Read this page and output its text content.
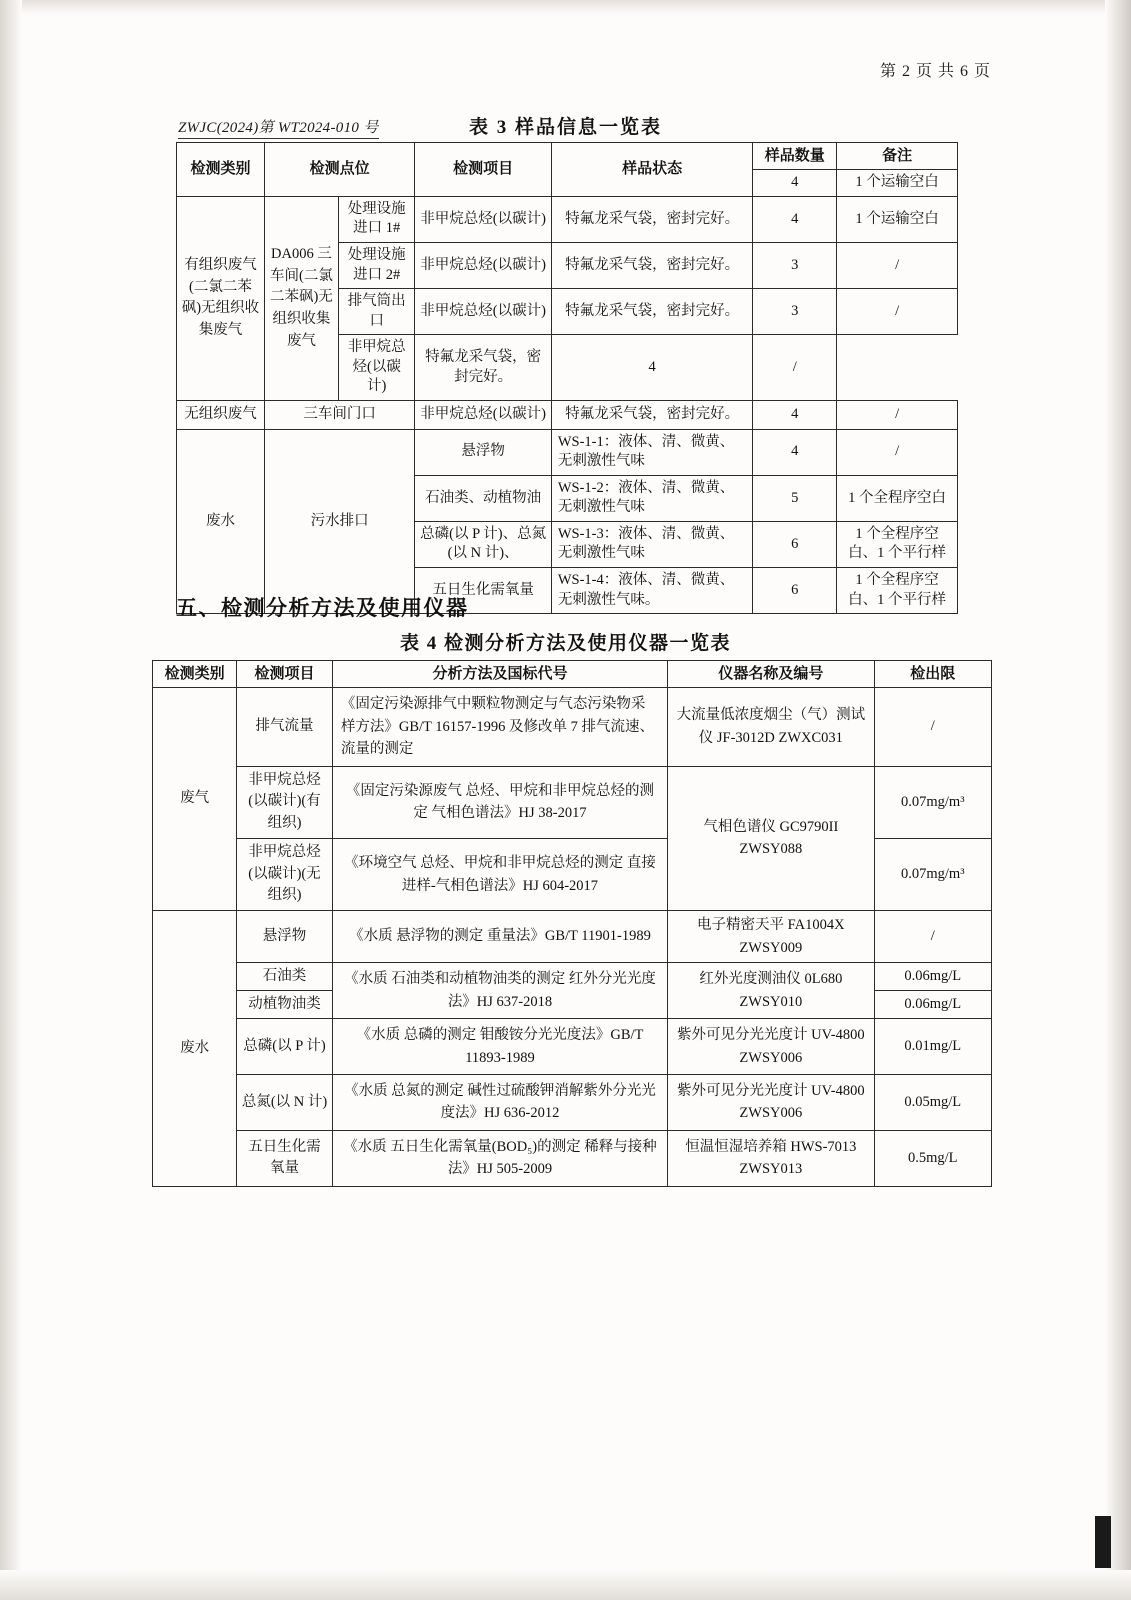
第 2 页 共 6 页
ZWJC(2024)第 WT2024-010 号	表 3 样品信息一览表
检测类别	检测点位		检测项目	样品状态	样品数量	备注
					4	1 个运输空白
有组织废气(二氯二苯砜)无组织收集废气	DA006 三车间(二氯二苯砜)无组织收集废气	处理设施进口 1#	非甲烷总烃(以碳计)	特氟龙采气袋，密封完好。	4	1 个运输空白
		处理设施进口 2#	非甲烷总烃(以碳计)	特氟龙采气袋，密封完好。	3	/
		排气筒出口	非甲烷总烃(以碳计)	特氟龙采气袋，密封完好。	3	/
		非甲烷总烃(以碳计)	特氟龙采气袋，密封完好。	4	/	
无组织废气	三车间门口		非甲烷总烃(以碳计)	特氟龙采气袋，密封完好。	4	/
废水	污水排口		悬浮物	WS-1-1：液体、清、微黄、无刺激性气味	4	/
			石油类、动植物油	WS-1-2：液体、清、微黄、无刺激性气味	5	1 个全程序空白
			总磷(以 P 计)、总氮(以 N 计)、	WS-1-3：液体、清、微黄、无刺激性气味	6	1 个全程序空白、1 个平行样
			五日生化需氧量	WS-1-4：液体、清、微黄、无刺激性气味。	6	1 个全程序空白、1 个平行样
五、检测分析方法及使用仪器
表 4 检测分析方法及使用仪器一览表
检测类别	检测项目	分析方法及国标代号	仪器名称及编号	检出限
废气	排气流量	《固定污染源排气中颗粒物测定与气态污染物采样方法》GB/T 16157-1996 及修改单 7 排气流速、流量的测定	大流量低浓度烟尘（气）测试仪 JF-3012D ZWXC031	/
	非甲烷总烃(以碳计)(有组织)	《固定污染源废气 总烃、甲烷和非甲烷总烃的测定 气相色谱法》HJ 38-2017	气相色谱仪 GC9790II ZWSY088	0.07mg/m³
	非甲烷总烃(以碳计)(无组织)	《环境空气 总烃、甲烷和非甲烷总烃的测定 直接进样-气相色谱法》HJ 604-2017		0.07mg/m³
废水	悬浮物	《水质 悬浮物的测定 重量法》GB/T 11901-1989	电子精密天平 FA1004X ZWSY009	/
	石油类	《水质 石油类和动植物油类的测定 红外分光光度法》HJ 637-2018	红外光度测油仪 0L680 ZWSY010	0.06mg/L
	动植物油类			0.06mg/L
	总磷(以 P 计)	《水质 总磷的测定 钼酸铵分光光度法》GB/T 11893-1989	紫外可见分光光度计 UV-4800 ZWSY006	0.01mg/L
	总氮(以 N 计)	《水质 总氮的测定 碱性过硫酸钾消解紫外分光光度法》HJ 636-2012	紫外可见分光光度计 UV-4800 ZWSY006	0.05mg/L
	五日生化需氧量	《水质 五日生化需氧量(BOD₅)的测定 稀释与接种法》HJ 505-2009	恒温恒湿培养箱 HWS-7013 ZWSY013	0.5mg/L
